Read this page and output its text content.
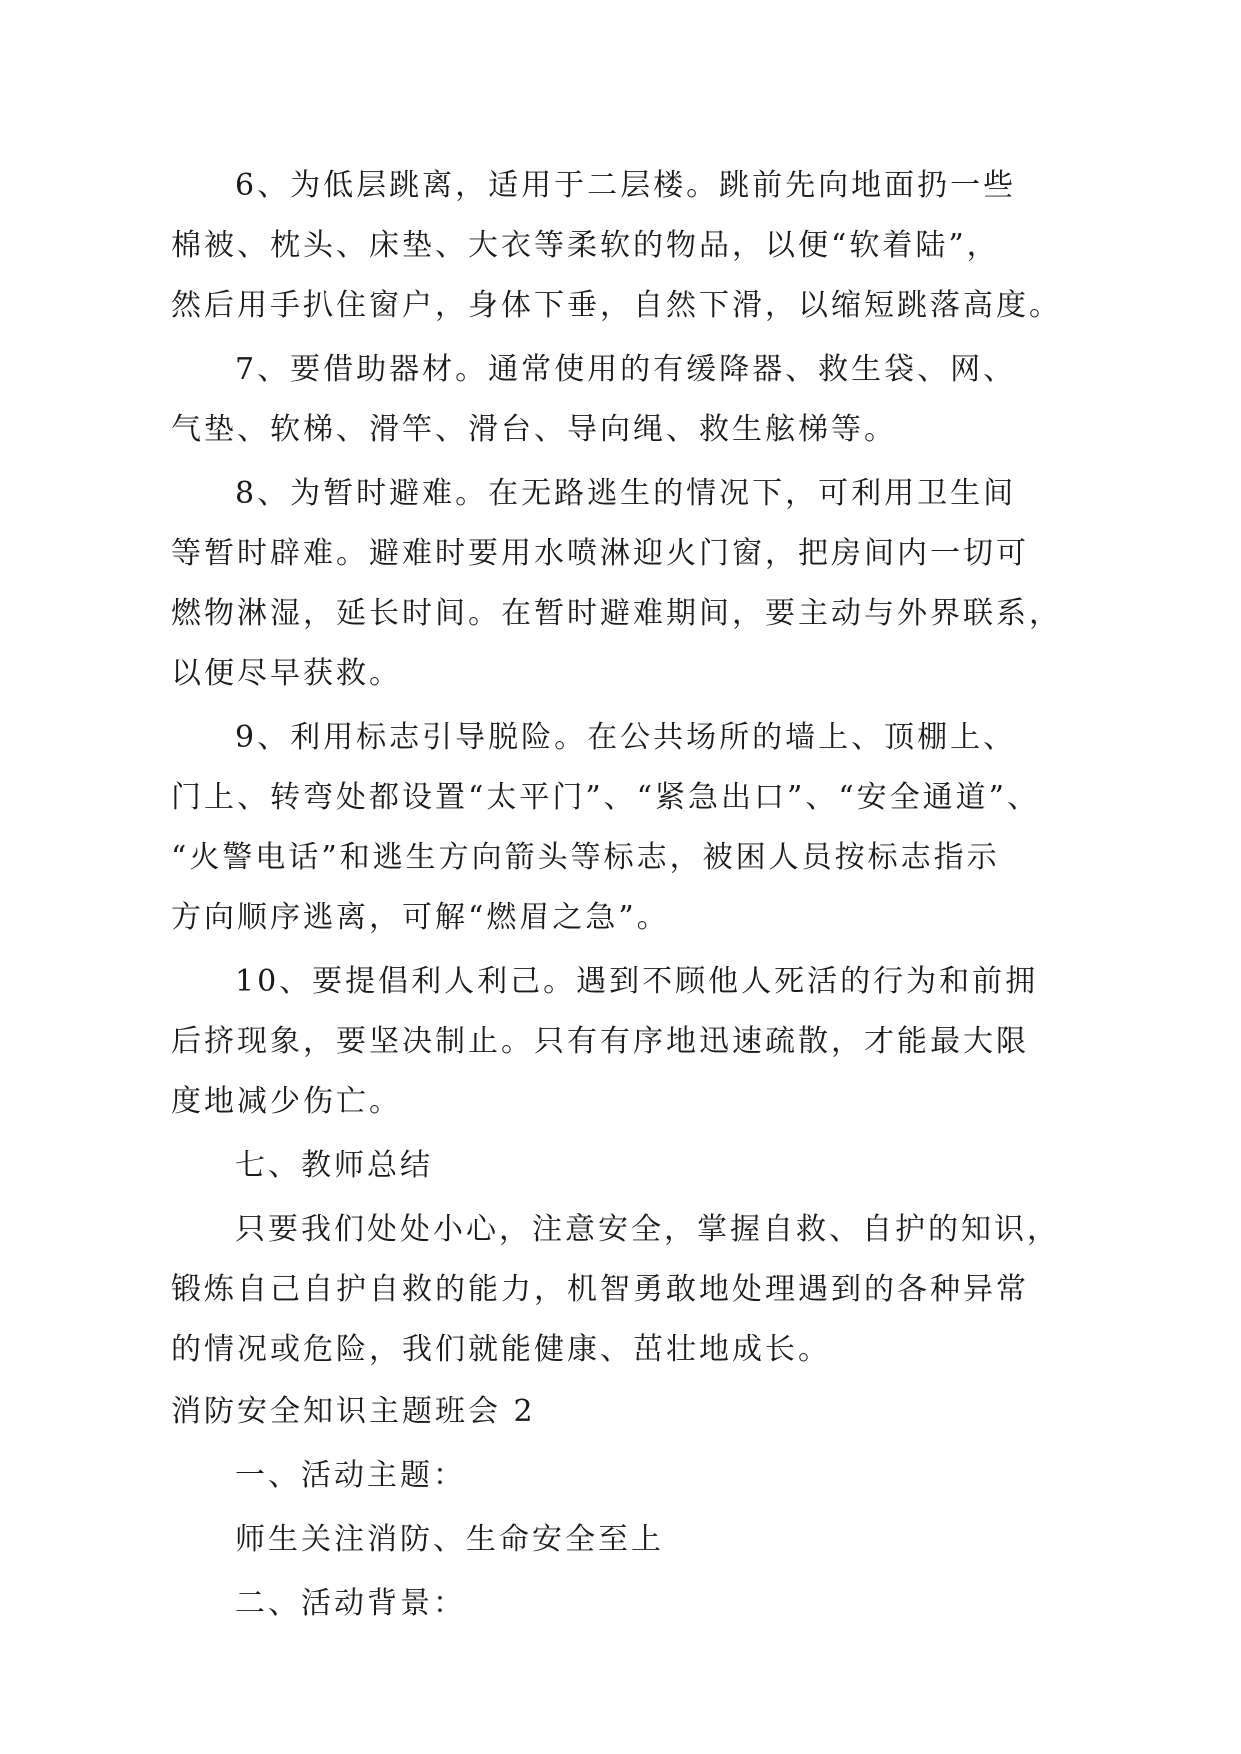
6、为低层跳离，适用于二层楼。跳前先向地面扔一些
棉被、枕头、床垫、大衣等柔软的物品，以便“软着陆”，
然后用手扒住窗户，身体下垂，自然下滑，以缩短跳落高度。
7、要借助器材。通常使用的有缓降器、救生袋、网、
气垫、软梯、滑竿、滑台、导向绳、救生舷梯等。
8、为暂时避难。在无路逃生的情况下，可利用卫生间
等暂时辟难。避难时要用水喷淋迎火门窗，把房间内一切可
燃物淋湿，延长时间。在暂时避难期间，要主动与外界联系，
以便尽早获救。
9、利用标志引导脱险。在公共场所的墙上、顶棚上、
门上、转弯处都设置“太平门”、“紧急出口”、“安全通道”、
“火警电话”和逃生方向箭头等标志，被困人员按标志指示
方向顺序逃离，可解“燃眉之急”。
10、要提倡利人利己。遇到不顾他人死活的行为和前拥
后挤现象，要坚决制止。只有有序地迅速疏散，才能最大限
度地减少伤亡。
七、教师总结
只要我们处处小心，注意安全，掌握自救、自护的知识，
锻炼自己自护自救的能力，机智勇敢地处理遇到的各种异常
的情况或危险，我们就能健康、茁壮地成长。
消防安全知识主题班会 2
一、活动主题：
师生关注消防、生命安全至上
二、活动背景：
